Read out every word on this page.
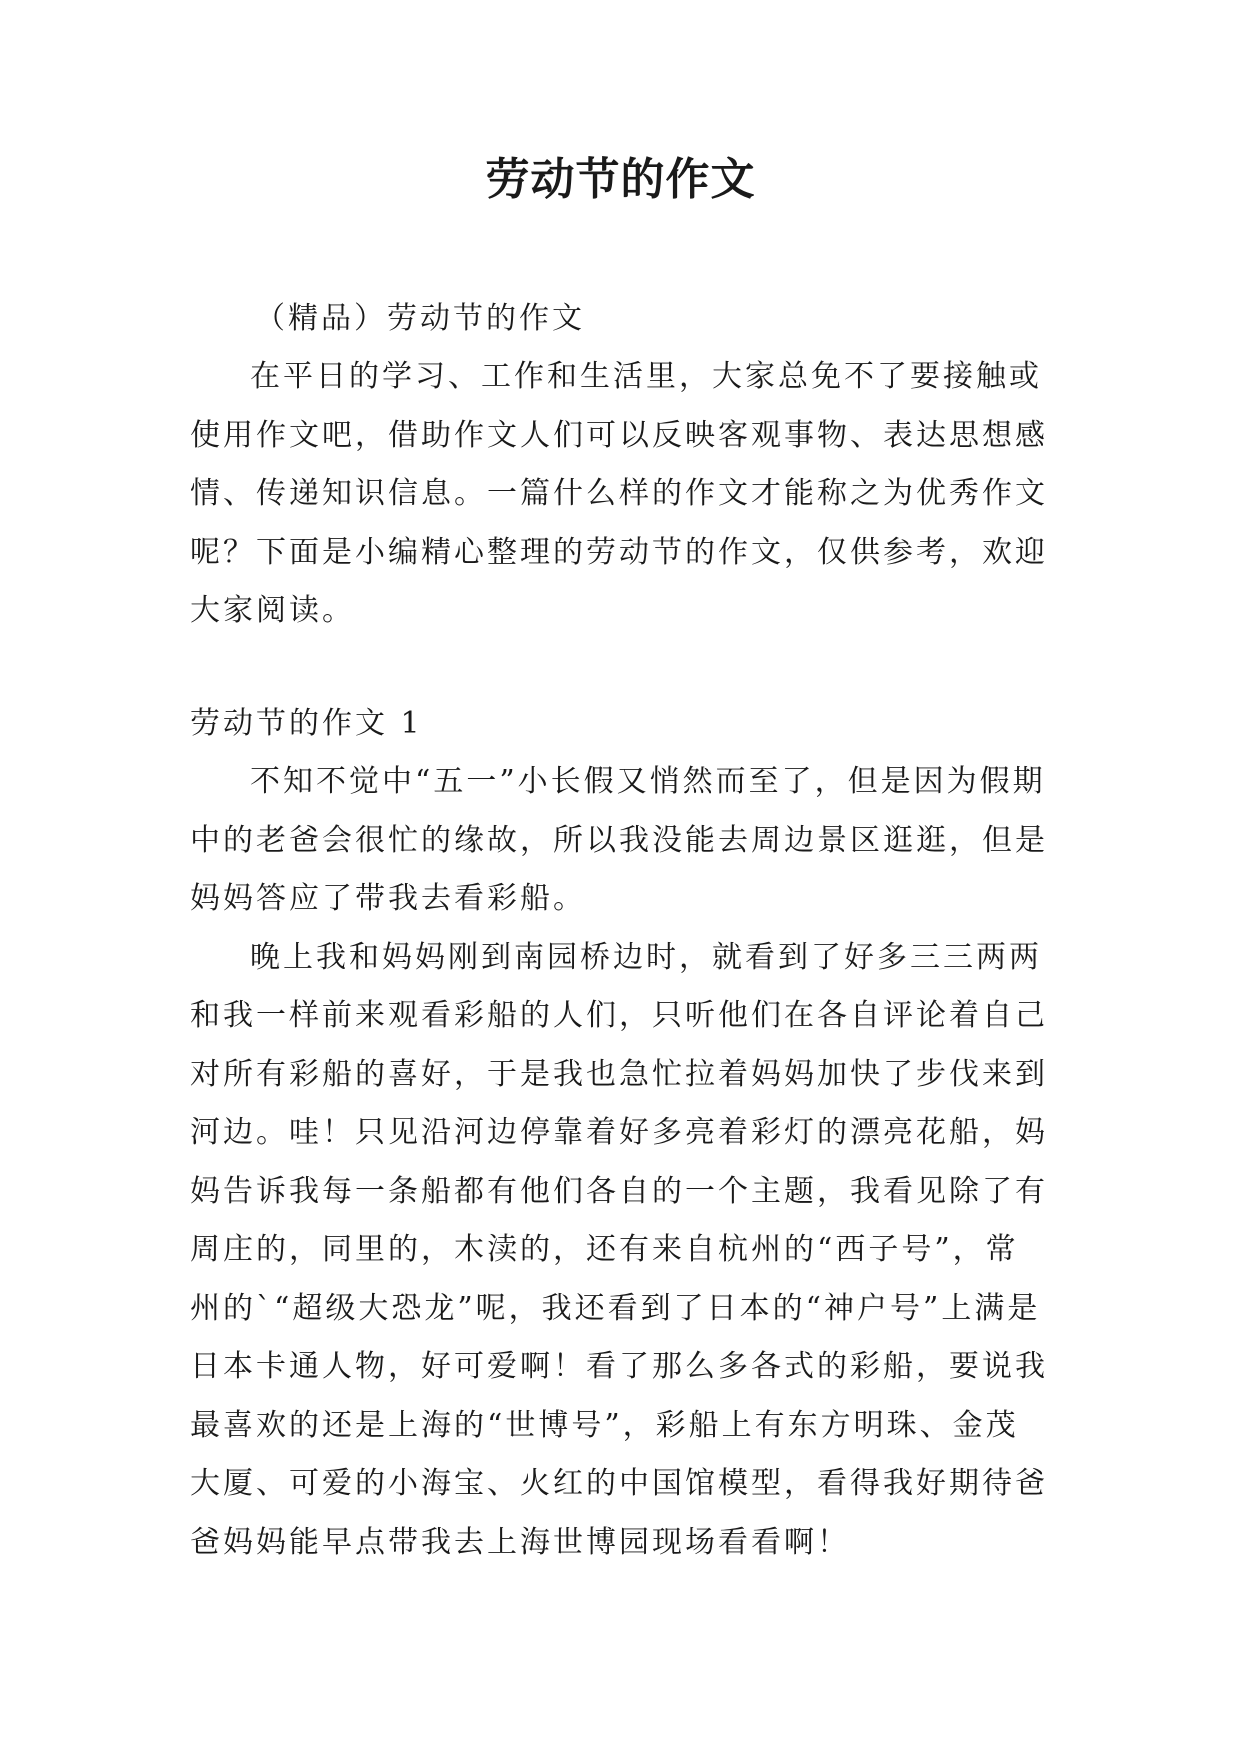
劳动节的作文
（精品）劳动节的作文

在平日的学习、工作和生活里，大家总免不了要接触或使用作文吧，借助作文人们可以反映客观事物、表达思想感情、传递知识信息。一篇什么样的作文才能称之为优秀作文呢？下面是小编精心整理的劳动节的作文，仅供参考，欢迎大家阅读。

劳动节的作文 1

不知不觉中“五一”小长假又悄然而至了，但是因为假期中的老爸会很忙的缘故，所以我没能去周边景区逛逛，但是妈妈答应了带我去看彩船。

晚上我和妈妈刚到南园桥边时，就看到了好多三三两两和我一样前来观看彩船的人们，只听他们在各自评论着自己对所有彩船的喜好，于是我也急忙拉着妈妈加快了步伐来到河边。哇！只见沿河边停靠着好多亮着彩灯的漂亮花船，妈妈告诉我每一条船都有他们各自的一个主题，我看见除了有周庄的，同里的，木渎的，还有来自杭州的“西子号”，常州的`“超级大恐龙”呢，我还看到了日本的“神户号”上满是日本卡通人物，好可爱啊！看了那么多各式的彩船，要说我最喜欢的还是上海的“世博号”，彩船上有东方明珠、金茂大厦、可爱的小海宝、火红的中国馆模型，看得我好期待爸爸妈妈能早点带我去上海世博园现场看看啊！
